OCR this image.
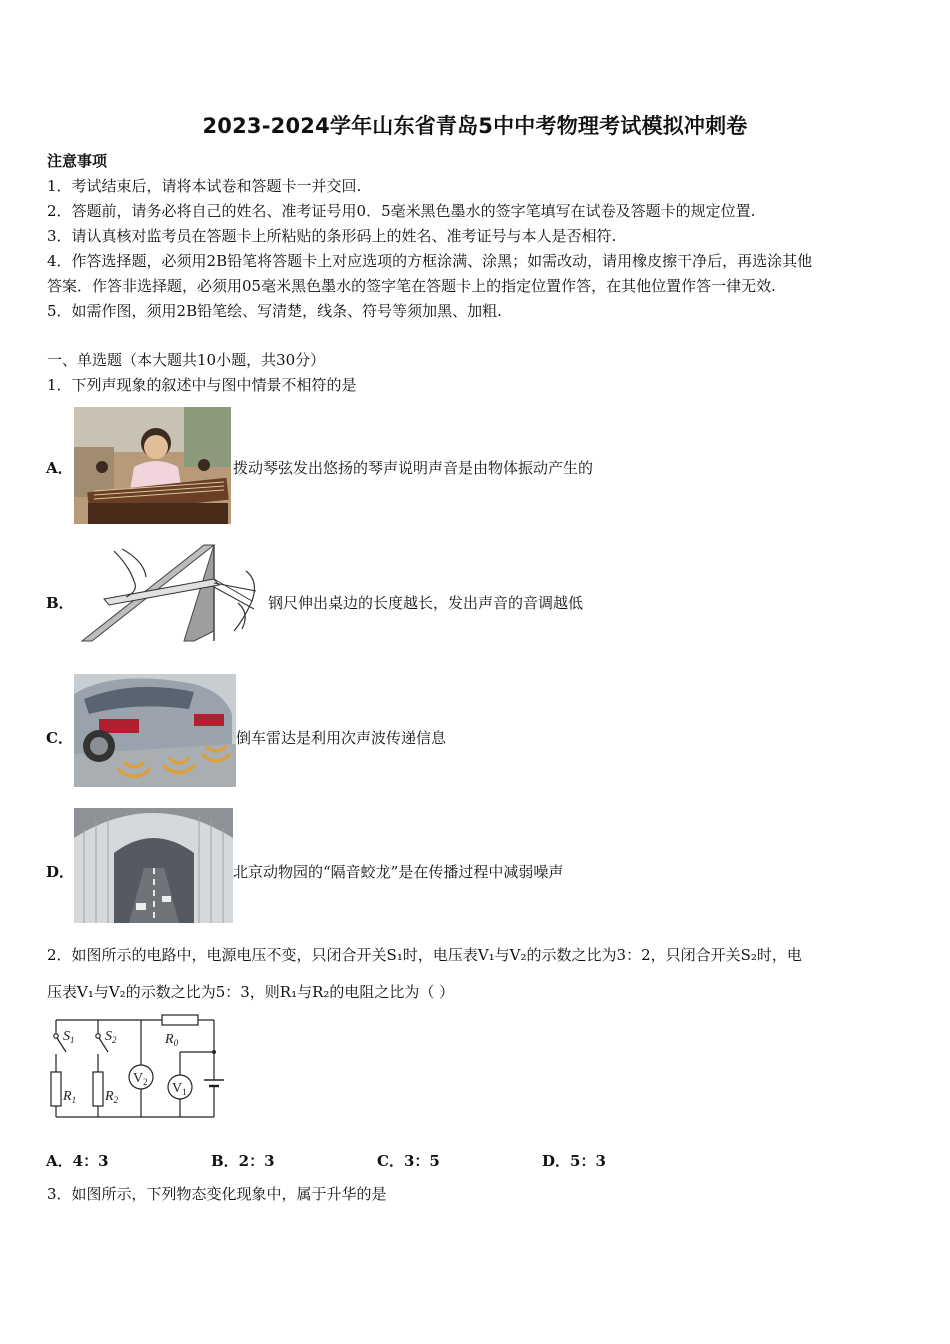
2023-2024学年山东省青岛5中中考物理考试模拟冲刺卷
注意事项
1．考试结束后，请将本试卷和答题卡一并交回.
2．答题前，请务必将自己的姓名、准考证号用0．5毫米黑色墨水的签字笔填写在试卷及答题卡的规定位置.
3．请认真核对监考员在答题卡上所粘贴的条形码上的姓名、准考证号与本人是否相符.
4．作答选择题，必须用2B铅笔将答题卡上对应选项的方框涂满、涂黑；如需改动，请用橡皮擦干净后，再选涂其他
答案．作答非选择题，必须用05毫米黑色墨水的签字笔在答题卡上的指定位置作答，在其他位置作答一律无效.
5．如需作图，须用2B铅笔绘、写清楚，线条、符号等须加黑、加粗.
一、单选题（本大题共10小题，共30分）
1．下列声现象的叙述中与图中情景不相符的是
A．	拨动琴弦发出悠扬的琴声说明声音是由物体振动产生的
B．	钢尺伸出桌边的长度越长，发出声音的音调越低
C．	倒车雷达是利用次声波传递信息
D．	北京动物园的“隔音蛟龙”是在传播过程中减弱噪声
2．如图所示的电路中，电源电压不变，只闭合开关S₁时，电压表V₁与V₂的示数之比为3：2，只闭合开关S₂时，电
压表V₁与V₂的示数之比为5：3，则R₁与R₂的电阻之比为（ ）
$S_1$ $S_2$	$R_0$
$R_1$ $R_2$
$V_2$ $V_1$
A．4：3	B．2：3	C．3：5	D．5：3
3．如图所示，下列物态变化现象中，属于升华的是
